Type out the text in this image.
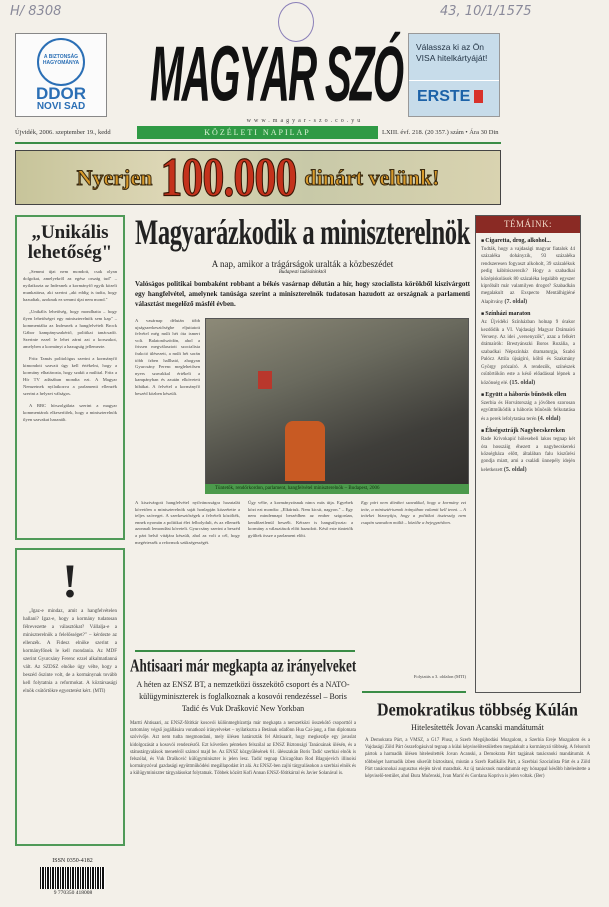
H/ 8308	43, 10/1/1575
A BIZTONSÁG HAGYOMÁNYA
DDOR
NOVI SAD	MAGYAR SZÓ
www.magyar-szo.co.yu
Válassza ki az Ön VISA hitelkártyáját!
ERSTE
Újvidék, 2006. szeptember 19., kedd	KÖZÉLETI NAPILAP	LXIII. évf. 218. (20 357.) szám • Ára 30 Din
Nyerjen 100.000 dinárt velünk!
„Unikális lehetőség"

„Semmi újat nem mondott, csak olyan dolgokat, amelyekről az egész ország tud" – nyilatkozta az Indexnek a kormányfő egyik közeli munkatársa, aki szerint „aki eddig is tudta, hogy hazudtak, azoknak ez semmi újat nem mond."

„Unikális lehetőség, hogy mondhatta – hogy ilyen lehetőséget egy miniszterelnök sem kap" – kommentálta az Indexnek a hangfelvételt Brock Gábor kampányszakértő, politikai tanácsadó. Szerinte ezzel le lehet zárni azt a korszakot, amelyben a kormányt a hazugság jellemezte.

Fritz Tamás politológus szerint a kormányfő kimondott szavait úgy kell értékelni, hogy a kormány elhatározta, hogy szakít a múlttal. Fritz a Hír TV adásában mondta ezt. A Magyar Nemzetnek nyilatkozva a parlamenti ellenzék szerint a helyzet válságos.

A BBC hírszolgálata szerint a magyar kommentárok elkeserítőek, hogy a miniszterelnök ilyen szavakat használt.

!

„Igaz-e mindaz, amit a hangfelvételen hallani? Igaz-e, hogy a kormány tudatosan félrevezette a választókat? Vállalja-e a miniszterelnök a felelősséget?" – kérdezte az ellenzék. A Fidesz elnöke szerint a kormányfőnek le kell mondania. Az MDF szerint Gyurcsány Ferenc ezzel alkalmatlanná vált. Az SZDSZ elnöke úgy vélte, hogy a beszéd őszinte volt, de a kormánynak tovább kell folytatnia a reformokat. A köztársasági elnök csütörtökre egyeztetést kért. (MTI)

ISSN 0350-4182
9 770350 418008
Magyarázkodik a miniszterelnök
A nap, amikor a trágárságok uralták a közbeszédet
Budapesti tudósítónktól
Valóságos politikai bombaként robbant a békés vasárnap délután a hír, hogy szocialista körökből kiszivárgott egy hangfelvétel, amelynek tanúsága szerint a miniszterelnök tudatosan hazudott az országnak a parlamenti választást megelőző másfél évben.
A vasárnap délután több ujságszerkesztőségbe eljuttatott felvétel még múlt hét óta ismert volt. Balatonőszödön, ahol a frissen megválasztott szocialista frakció ülésezett, a múlt hét során több ízben hallható, ahogyan Gyurcsány Ferenc meglehetősen nyers szavakkal értékeli a kampányban és azután elkövetett hibákat. A felvétel a kormányfő beszéd közben készült.
Tüntetők, rendőrkordon, parlament, hangfelvétel miniszterelnök – Budapest, 2006
A kiszivárgott hangfelvétel nyilvánosságra hozatalát követően a miniszterelnök saját honlapján közzétette a teljes szöveget. A szerkesztőségek a felvételt közölték, ennek nyomán a politikai élet felbolydult, és az ellenzék azonnali lemondást követelt. Gyurcsány szerint a beszéd a párt belső vitájára készült, ahol az volt a cél, hogy megértessék a reformok szükségességét.
Úgy vélte, a kormányzásnak nincs más útja. Egyebek közt ezt mondta: „Elkúrtuk. Nem kicsit, nagyon." – Egy nem mindennapi beszédben az ember szigorúan, kendőzetlenül beszélt. Kétszer is hangsúlyozta: a kormány a választások előtt hazudott. Késő este tüntetők gyűltek össze a parlament előtt.
Egy párt nem dönthet szavakkal, hogy a kormány ezt tette, a minisztériumok irányában valamit kell tenni. – A tetteket bizonyítja, hogy a politikai tisztesség nem csupán szavakon múlik – közölte a bejegyzésben.
Folytatás a 3. oldalon (MTI)
Ahtisaari már megkapta az irányelveket
A héten az ENSZ BT, a nemzetközi összekötő csoport és a NATO-külügyminiszterek is foglalkoznak a kosovói rendezéssel – Boris Tadić és Vuk Drašković New Yorkban
Martti Ahtisaari, az ENSZ-főtitkár kosovói különmegbízottja már megkapta a nemzetközi összekötő csoporttól a tartomány végső jogállására vonatkozó irányelveket – nyilatkozta a Betának odafönn Hua Cai-jang, a finn diplomata szóvivője. Azt nem tudta megmondani, mely ülésen határozták fel Ahtisaarit, hogy megkezdje egy javaslat kidolgozását a kosovói rendezésről. Ezt követően pénteken felszólal az ENSZ Biztonsági Tanácsának ülésén, és a státustárgyalások menetéről számol majd be. Az ENSZ közgyűlésének 61. ülésszakán Boris Tadić szerbiai elnök is felszólal, és Vuk Drašković külügyminiszter is jelen lesz. Tadić tegnap Chicagóban Rod Blagojevich illinoisi kormányzóval gazdasági együttműködési megállapodást írt alá. Az ENSZ-ben zajló tárgyalásokon a szerbiai elnök és a külügyminiszter tárgyalásokat folytatnak. Többek között Kofi Annan ENSZ-főtitkárral és Javier Solanával is.
Demokratikus többség Kúlán
Hitelesítették Jovan Acanski mandátumát
A Demokrata Párt, a VMSZ, a G17 Plusz, a Szerb Megújhodási Mozgalom, a Szerbia Ereje Mozgalom és a Vajdasági Zöld Párt összefogásával tegnap a kúlai képviselőtestületben megalakult a kormányzó többség. A felsorolt pártok a harmadik ülésen hitelesítették Jovan Acanski, a Demokrata Párt tagjának tanácsnoki mandátumát. A többséget harmadik ízben sikerült biztosítani, miután a Szerb Radikális Párt, a Szerbiai Szocialista Párt és a Zöld Párt tanácsnokai augusztus elején távol maradtak. Az új tanácsnok mandátumát egy hónappal később hitelesítette a képviselő-testület, ahol Đura Mučenski, Ivan Marić és Gordana Kopriva is jelen voltak. (Ber)
TÉMÁINK:
■ Cigaretta, drog, alkohol...
Tudták, hogy a vajdasági magyar fiatalok 44 százaléka dohányzik, 93 százaléka rendszeresen fogyaszt alkoholt, 39 százalékuk pedig kábítószerezik? Hogy a szabadkai középiskolások 80 százaléka legalább egyszer kipróbált már valamilyen drogot? Szabadkán megalakult az Exspecto Mentálhigiéné Alapítvány (7. oldal)
■ Színházi maraton
Az Újvidéki Színházban holnap 9 órakor kezdődik a VI. Vajdasági Magyar Drámaíró Verseny. Az idei „versenyzők", azaz a felkért drámaírók: Brestyánszki Boros Rozália, a szabadkai Népszínház dramaturgja, Szabó Palócz Attila újságíró, költő és Szakmány György prózaíró. A rendezők, színészek csütörtökön este a késő előadással lépnek a közönség elé. (15. oldal)
■ Együtt a háborús bűnösök ellen
Szerbia és Horvátország a jövőben szorosan együttműködik a háborús bűnösök felkutatása és a perek lefolytatása terén (4. oldal)
■ Éhségsztrájk Nagybecskereken
Rade Krivokapić hölesebeli lakos tegnap két óra hosszáig éhezett a nagybecskereki községháza előtt, általában falu kiszűrési gondja miatt, ami a családi ünnepély idején keletkezett (5. oldal)
